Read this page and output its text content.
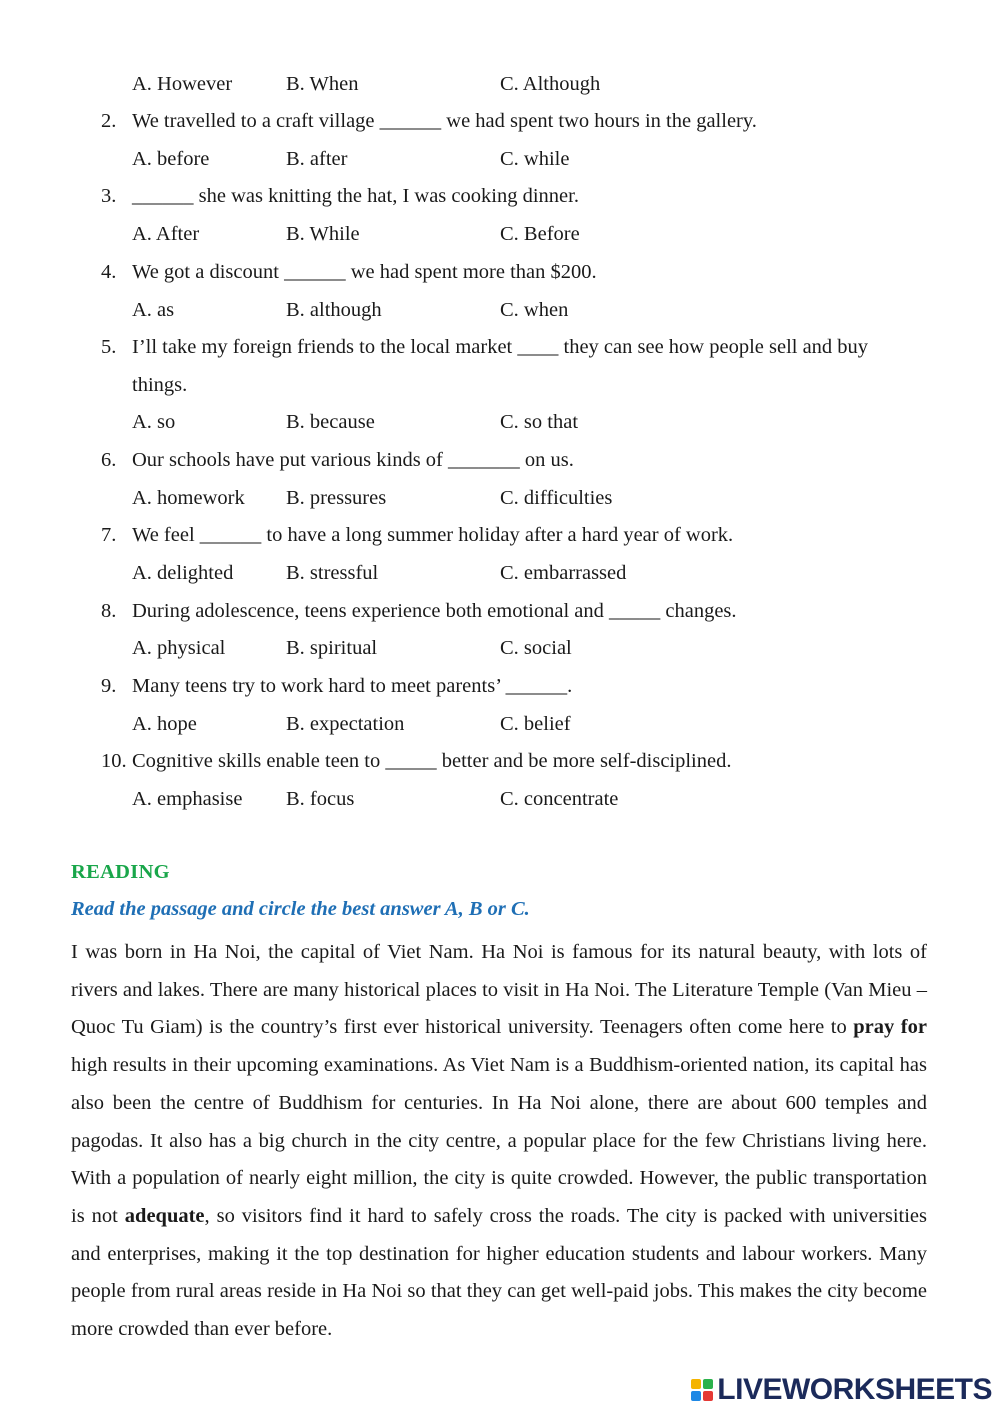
A. However	B. When	C. Although
2. We travelled to a craft village ______ we had spent two hours in the gallery.
A. before	B. after	C. while
3. ______ she was knitting the hat, I was cooking dinner.
A. After	B. While	C. Before
4. We got a discount ______ we had spent more than $200.
A. as	B. although	C. when
5. I’ll take my foreign friends to the local market ____ they can see how people sell and buy
things.
A. so	B. because	C. so that
6. Our schools have put various kinds of _______ on us.
A. homework B. pressures	C. difficulties
7. We feel ______ to have a long summer holiday after a hard year of work.
A. delighted	B. stressful	C. embarrassed
8. During adolescence, teens experience both emotional and _____ changes.
A. physical	B. spiritual	C. social
9. Many teens try to work hard to meet parents’ ______.
A. hope	B. expectation	C. belief
10. Cognitive skills enable teen to _____ better and be more self-disciplined.
A. emphasise B. focus	C. concentrate
READING
Read the passage and circle the best answer A, B or C.
I was born in Ha Noi, the capital of Viet Nam. Ha Noi is famous for its natural beauty, with lots of rivers and lakes. There are many historical places to visit in Ha Noi. The Literature Temple (Van Mieu – Quoc Tu Giam) is the country’s first ever historical university. Teenagers often come here to pray for high results in their upcoming examinations. As Viet Nam is a Buddhism-oriented nation, its capital has also been the centre of Buddhism for centuries. In Ha Noi alone, there are about 600 temples and pagodas. It also has a big church in the city centre, a popular place for the few Christians living here. With a population of nearly eight million, the city is quite crowded. However, the public transportation is not adequate, so visitors find it hard to safely cross the roads. The city is packed with universities and enterprises, making it the top destination for higher education students and labour workers. Many people from rural areas reside in Ha Noi so that they can get well-paid jobs. This makes the city become more crowded than ever before.
LIVEWORKSHEETS
